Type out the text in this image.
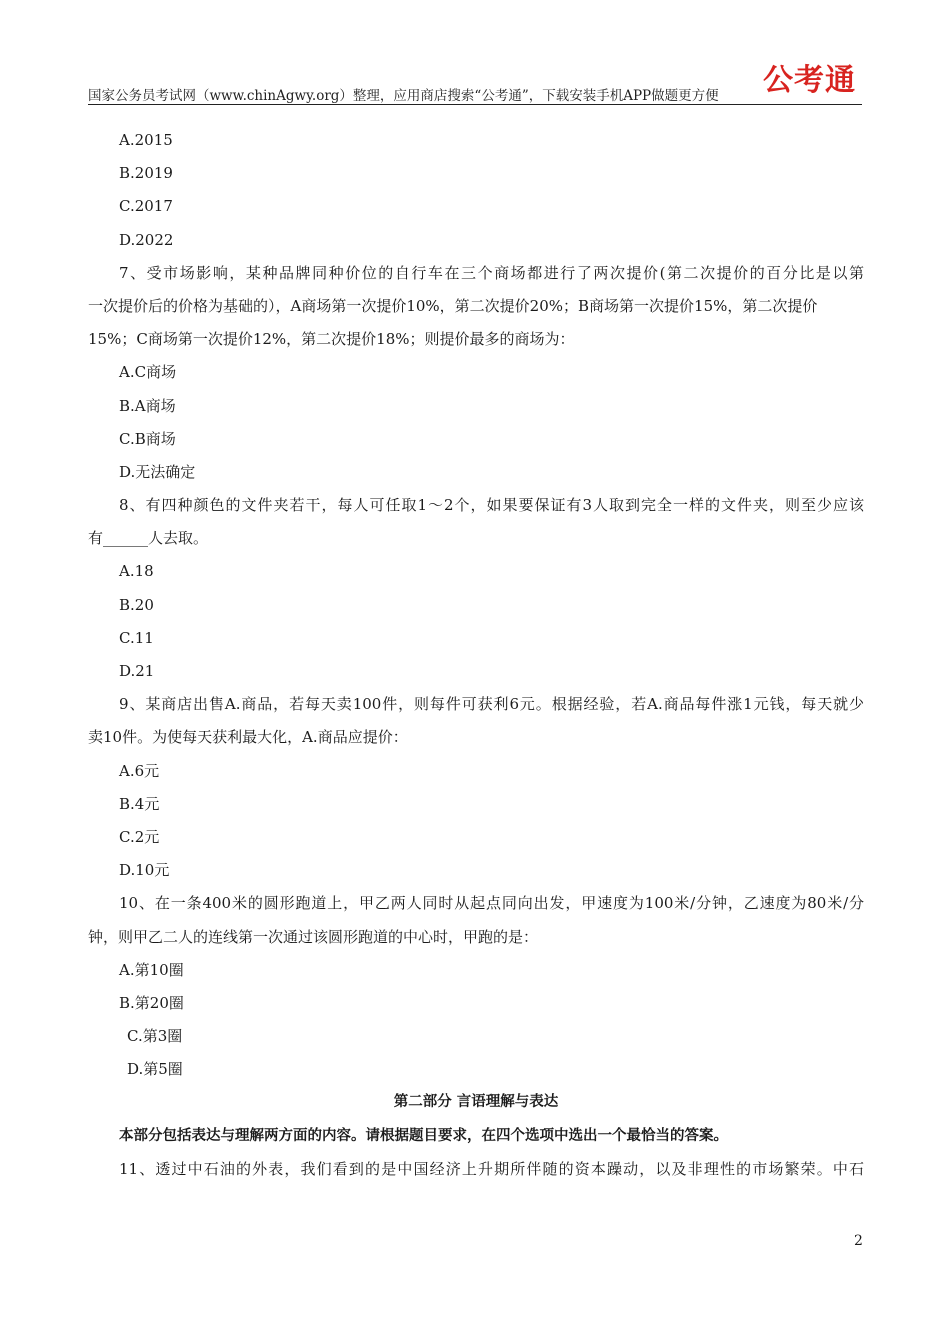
国家公务员考试网（www.chinAgwy.org）整理，应用商店搜索“公考通”，下载安装手机APP做题更方便 公考通
A.2015
B.2019
C.2017
D.2022
7、受市场影响，某种品牌同种价位的自行车在三个商场都进行了两次提价(第二次提价的百分比是以第
一次提价后的价格为基础的），A商场第一次提价10%，第二次提价20%；B商场第一次提价15%，第二次提价
15%；C商场第一次提价12%，第二次提价18%；则提价最多的商场为：
A.C商场
B.A商场
C.B商场
D.无法确定
8、有四种颜色的文件夹若干，每人可任取1～2个，如果要保证有3人取到完全一样的文件夹，则至少应该
有______人去取。
A.18
B.20
C.11
D.21
9、某商店出售A.商品，若每天卖100件，则每件可获利6元。根据经验，若A.商品每件涨1元钱，每天就少
卖10件。为使每天获利最大化，A.商品应提价：
A.6元
B.4元
C.2元
D.10元
10、在一条400米的圆形跑道上，甲乙两人同时从起点同向出发，甲速度为100米/分钟，乙速度为80米/分
钟，则甲乙二人的连线第一次通过该圆形跑道的中心时，甲跑的是：
A.第10圈
B.第20圈
C.第3圈
D.第5圈
第二部分 言语理解与表达
本部分包括表达与理解两方面的内容。请根据题目要求，在四个选项中选出一个最恰当的答案。
11、透过中石油的外表，我们看到的是中国经济上升期所伴随的资本躁动，以及非理性的市场繁荣。中石
2
